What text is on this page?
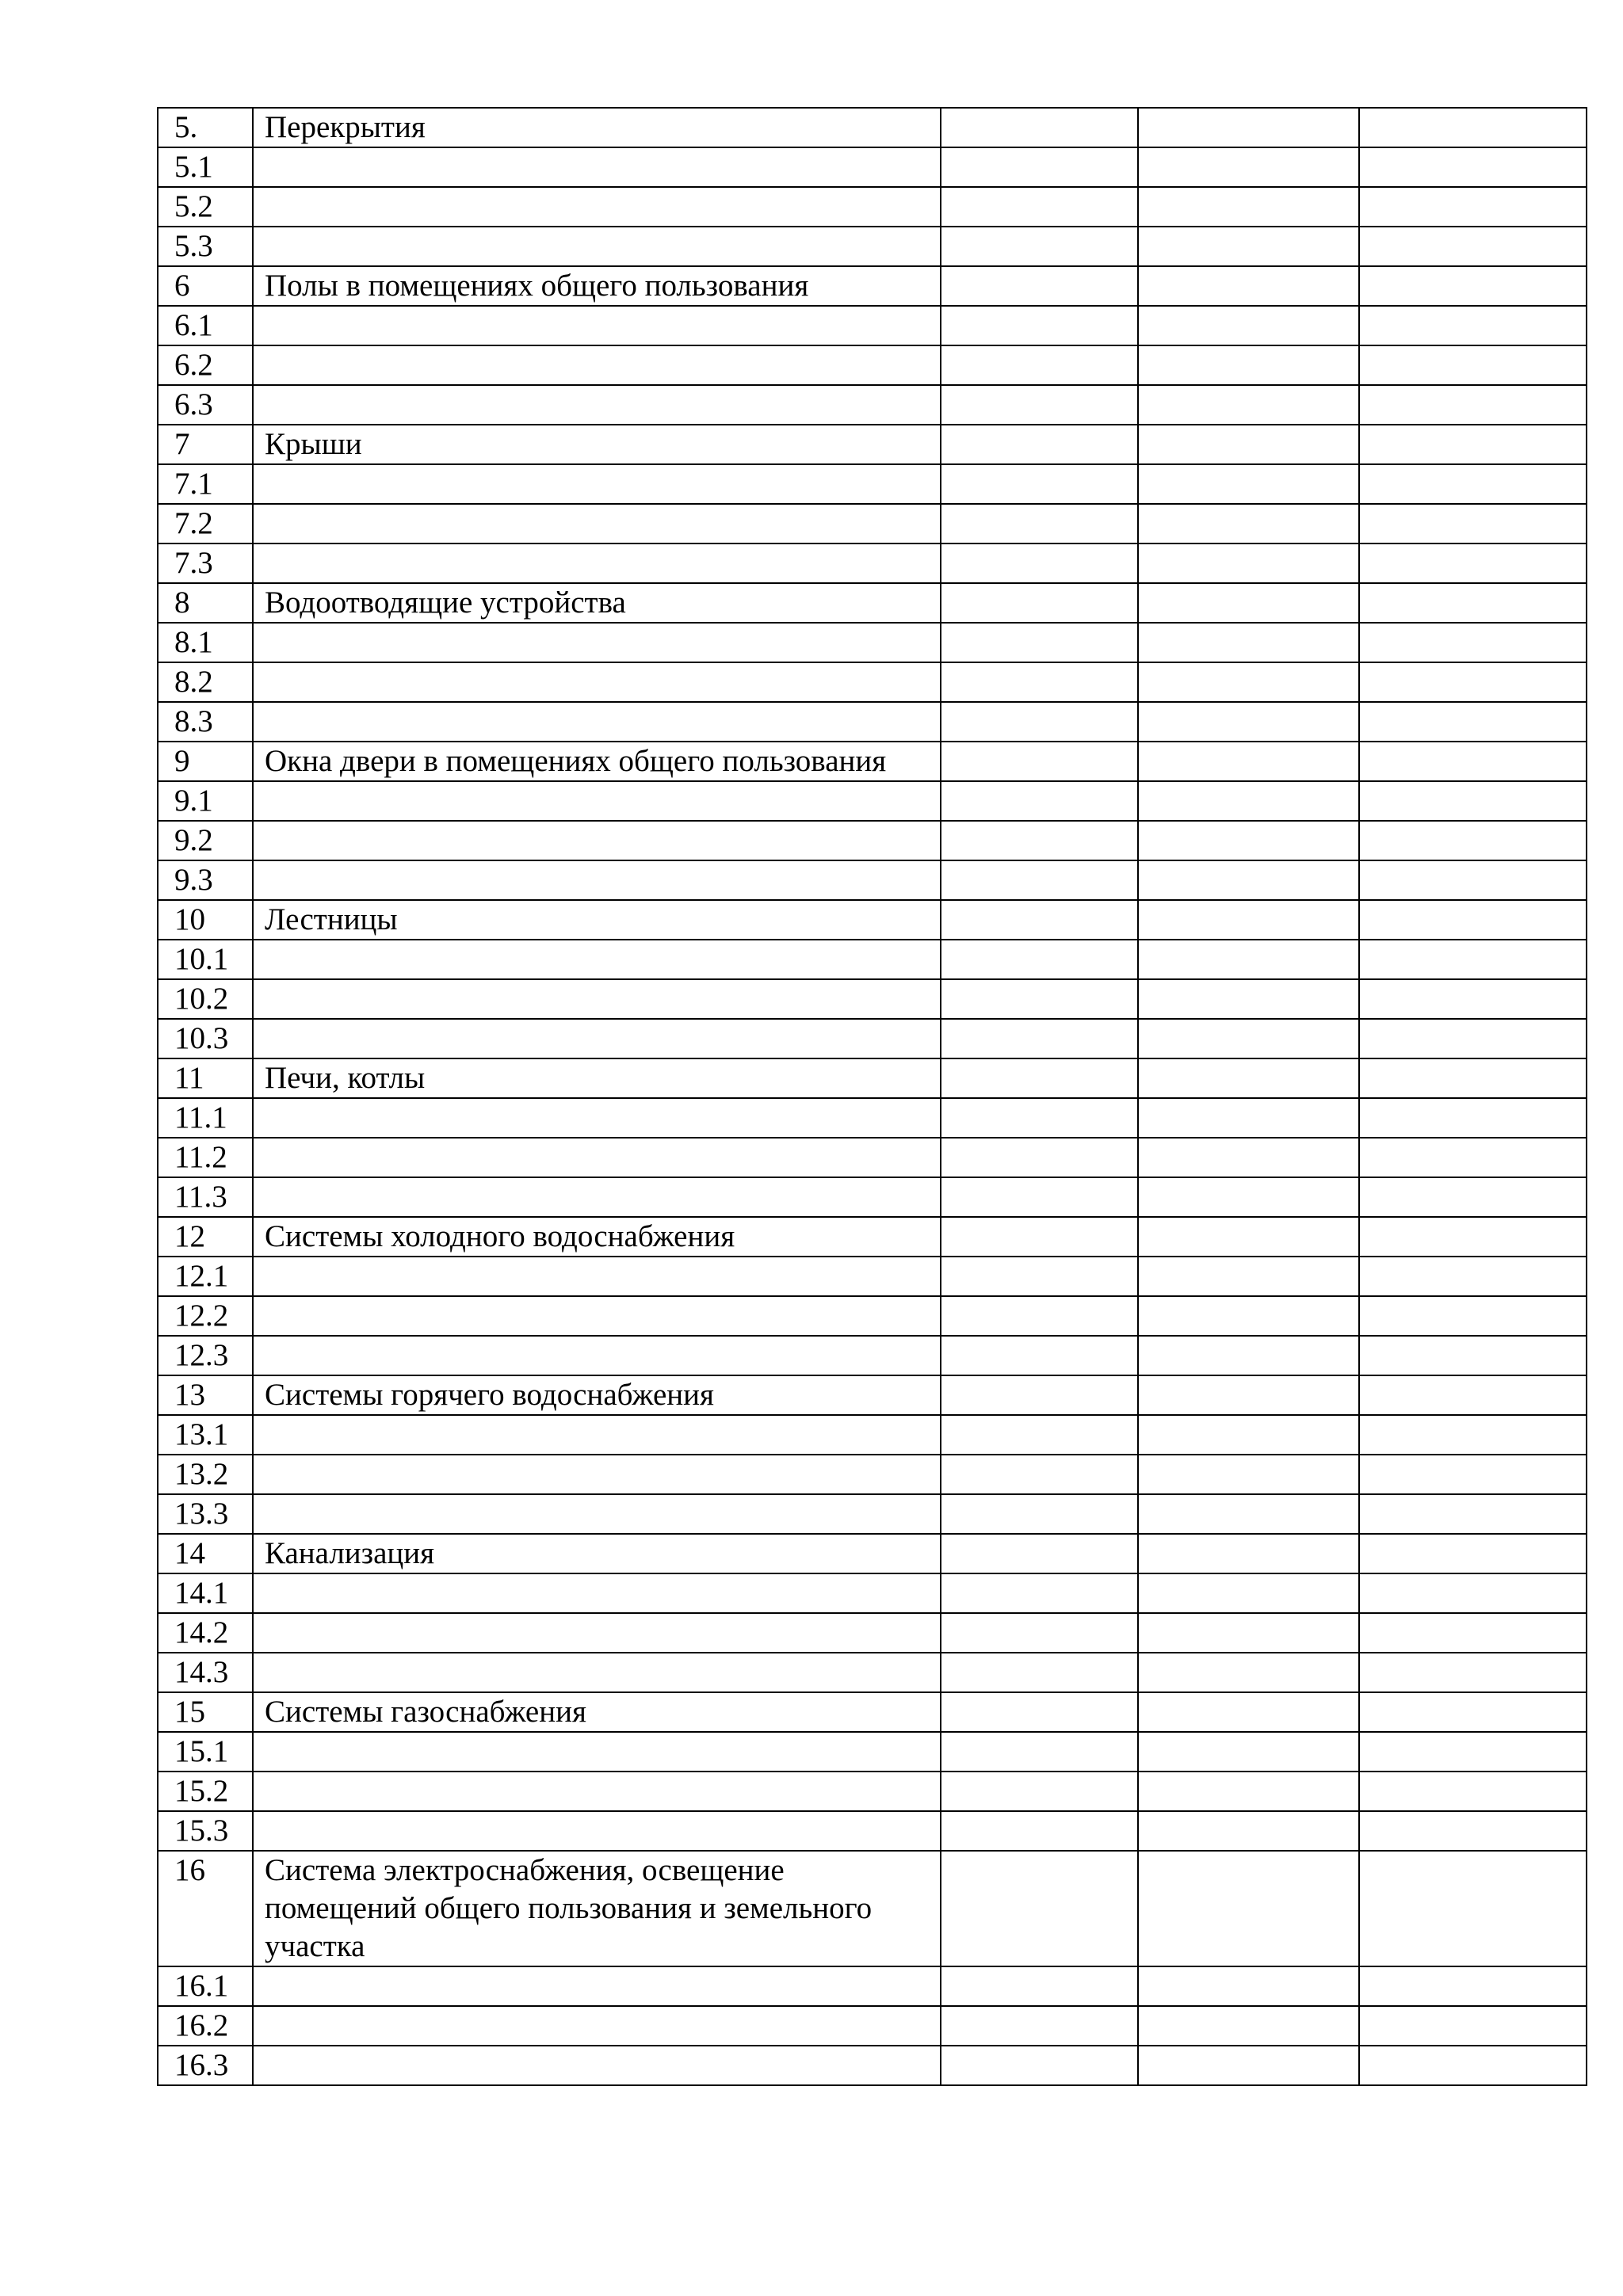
5.	Перекрытия			
5.1				
5.2				
5.3				
6	Полы в помещениях общего пользования			
6.1				
6.2				
6.3				
7	Крыши			
7.1				
7.2				
7.3				
8	Водоотводящие устройства			
8.1				
8.2				
8.3				
9	Окна двери в помещениях общего пользования			
9.1				
9.2				
9.3				
10	Лестницы			
10.1				
10.2				
10.3				
11	Печи, котлы			
11.1				
11.2				
11.3				
12	Системы холодного водоснабжения			
12.1				
12.2				
12.3				
13	Системы горячего водоснабжения			
13.1				
13.2				
13.3				
14	Канализация			
14.1				
14.2				
14.3				
15	Системы газоснабжения			
15.1				
15.2				
15.3				
16	Система электроснабжения, освещение помещений общего пользования и земельного участка			
16.1				
16.2				
16.3				
